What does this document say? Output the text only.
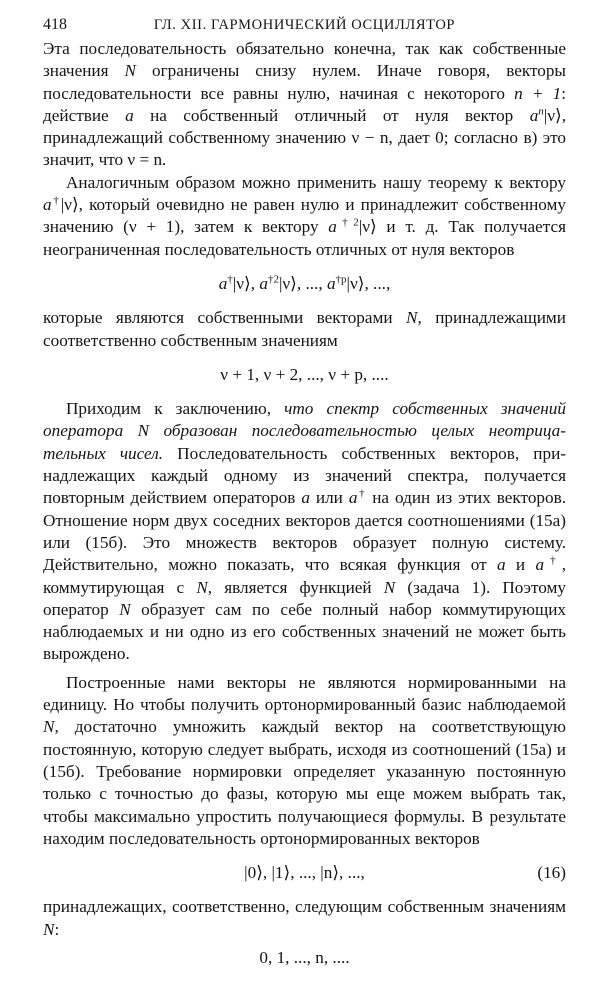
418	ГЛ. XII. ГАРМОНИЧЕСКИЙ ОСЦИЛЛЯТОР

Эта последовательность обязательно конечна, так как собственные значения N ограничены снизу нулем. Иначе говоря, векторы последовательности все равны нулю, начиная с некоторого n + 1: действие a на собственный отличный от нуля вектор $a^n|\nu⟩$, принадлежащий собственному значению ν − n, дает 0; согласно в) это значит, что ν = n.

Аналогичным образом можно применить нашу теорему к вектору a†|ν⟩, который очевидно не равен нулю и принадлежит собственному значению (ν + 1), затем к вектору $a^{\dagger 2}|\nu⟩$ и т. д. Так получается неограниченная последовательность отличных от нуля векторов

a†|ν⟩, $a^{\dagger 2}|\nu⟩$, ..., $a^{\dagger p}|\nu⟩$, ...,

которые являются собственными векторами N, принадлежащими соответственно собственным значениям

ν + 1, ν + 2, ..., ν + p, ....

Приходим к заключению, что спектр собственных значений оператора N образован последовательностью целых неотрицательных чисел. Последовательность собственных векторов, принадлежащих каждый одному из значений спектра, получается повторным действием операторов a или a† на один из этих векторов. Отношение норм двух соседних векторов дается соотношениями (15а) или (15б). Это множеств векторов образует полную систему. Действительно, можно показать, что всякая функция от a и a†, коммутирующая с N, является функцией N (задача 1). Поэтому оператор N образует сам по себе полный набор коммутирующих наблюдаемых и ни одно из его собственных значений не может быть вырождено.

Построенные нами векторы не являются нормированными на единицу. Но чтобы получить ортонормированный базис наблюдаемой N, достаточно умножить каждый вектор на соответствующую постоянную, которую следует выбрать, исходя из соотношений (15а) и (15б). Требование нормировки определяет указанную постоянную только с точностью до фазы, которую мы еще можем выбрать так, чтобы максимально упростить получающиеся формулы. В результате находим последовательность ортонормированных векторов

|0⟩, |1⟩, ..., |n⟩, ...,	(16)

принадлежащих, соответственно, следующим собственным значениям N:

0, 1, ..., n, ....
